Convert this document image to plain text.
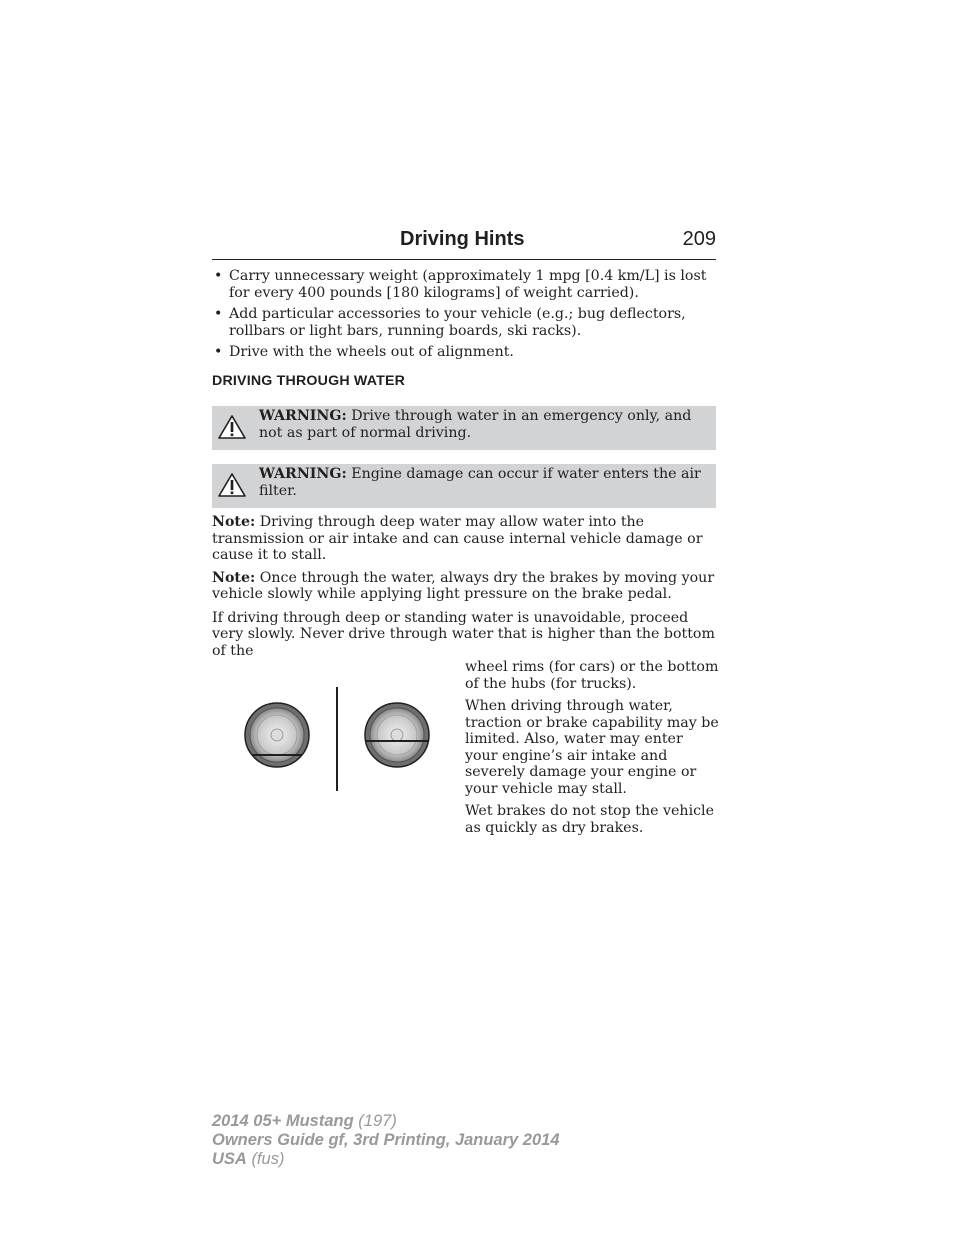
Driving Hints	209
• Carry unnecessary weight (approximately 1 mpg [0.4 km/L] is lost for every 400 pounds [180 kilograms] of weight carried).
• Add particular accessories to your vehicle (e.g.; bug deflectors, rollbars or light bars, running boards, ski racks).
• Drive with the wheels out of alignment.
DRIVING THROUGH WATER
WARNING: Drive through water in an emergency only, and not as part of normal driving.
WARNING: Engine damage can occur if water enters the air filter.
Note: Driving through deep water may allow water into the transmission or air intake and can cause internal vehicle damage or cause it to stall.
Note: Once through the water, always dry the brakes by moving your vehicle slowly while applying light pressure on the brake pedal.
If driving through deep or standing water is unavoidable, proceed very slowly. Never drive through water that is higher than the bottom of the

wheel rims (for cars) or the bottom of the hubs (for trucks).

When driving through water, traction or brake capability may be limited. Also, water may enter your engine’s air intake and severely damage your engine or your vehicle may stall.

Wet brakes do not stop the vehicle as quickly as dry brakes.

2014 05+ Mustang (197)
Owners Guide gf, 3rd Printing, January 2014
USA (fus)
